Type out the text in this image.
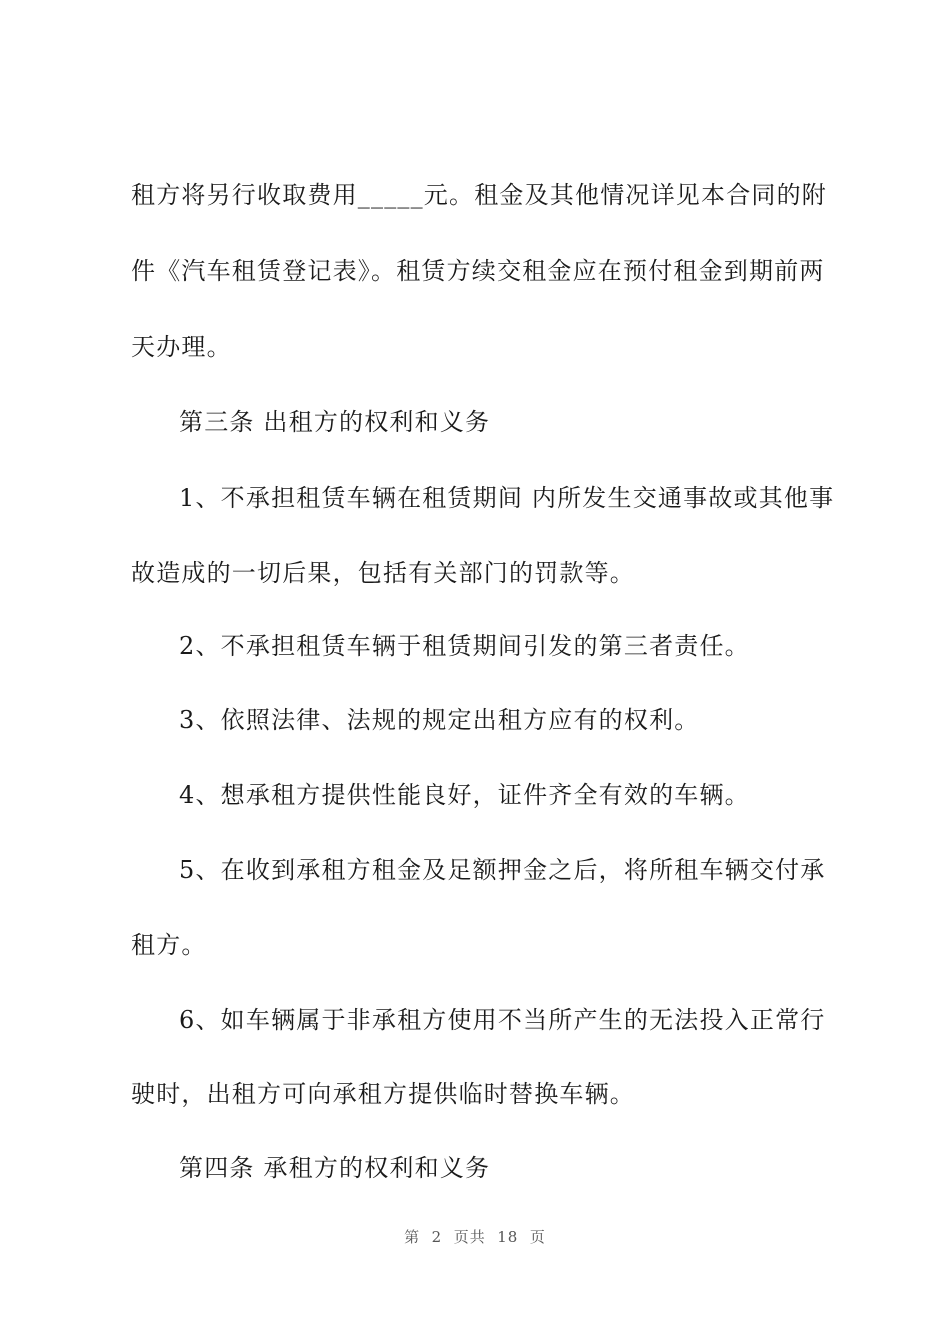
租方将另行收取费用_____元。租金及其他情况详见本合同的附
件《汽车租赁登记表》。租赁方续交租金应在预付租金到期前两
天办理。
第三条 出租方的权利和义务
1、不承担租赁车辆在租赁期间 内所发生交通事故或其他事
故造成的一切后果，包括有关部门的罚款等。
2、不承担租赁车辆于租赁期间引发的第三者责任。
3、依照法律、法规的规定出租方应有的权利。
4、想承租方提供性能良好，证件齐全有效的车辆。
5、在收到承租方租金及足额押金之后，将所租车辆交付承
租方。
6、如车辆属于非承租方使用不当所产生的无法投入正常行
驶时，出租方可向承租方提供临时替换车辆。
第四条 承租方的权利和义务
第  2  页共  18  页
